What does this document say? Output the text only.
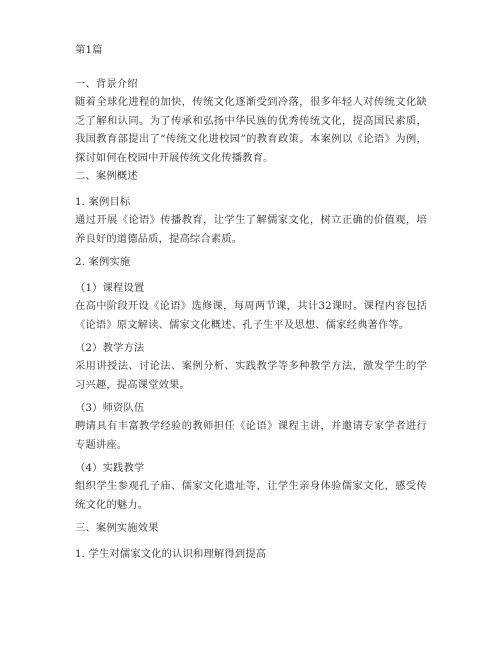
第1篇
一、背景介绍
随着全球化进程的加快，传统文化逐渐受到冷落，很多年轻人对传统文化缺乏了解和认同。为了传承和弘扬中华民族的优秀传统文化，提高国民素质，我国教育部提出了“传统文化进校园”的教育政策。本案例以《论语》为例，探讨如何在校园中开展传统文化传播教育。
二、案例概述
1. 案例目标
通过开展《论语》传播教育，让学生了解儒家文化，树立正确的价值观，培养良好的道德品质，提高综合素质。
2. 案例实施
（1）课程设置
在高中阶段开设《论语》选修课，每周两节课，共计32课时。课程内容包括《论语》原文解读、儒家文化概述、孔子生平及思想、儒家经典著作等。
（2）教学方法
采用讲授法、讨论法、案例分析、实践教学等多种教学方法，激发学生的学习兴趣，提高课堂效果。
（3）师资队伍
聘请具有丰富教学经验的教师担任《论语》课程主讲，并邀请专家学者进行专题讲座。
（4）实践教学
组织学生参观孔子庙、儒家文化遗址等，让学生亲身体验儒家文化，感受传统文化的魅力。
三、案例实施效果
1. 学生对儒家文化的认识和理解得到提高
